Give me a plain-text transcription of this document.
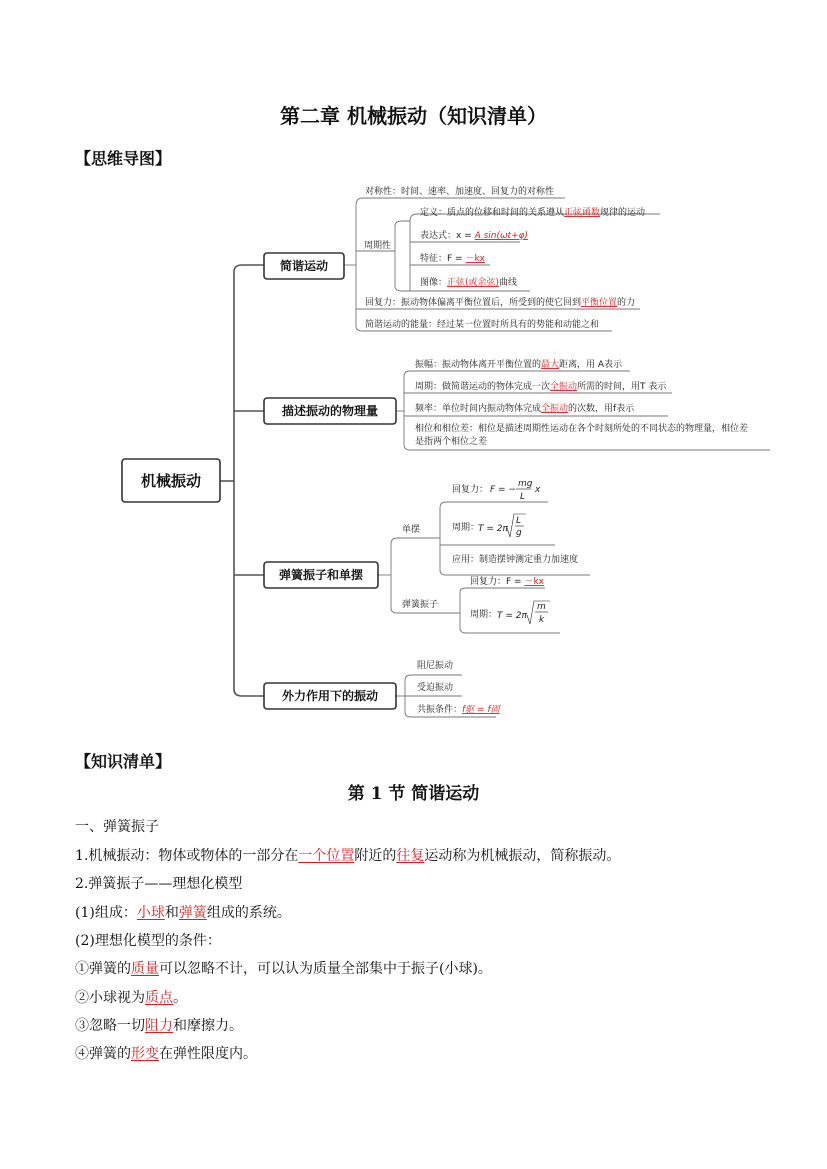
第二章 机械振动（知识清单）
【思维导图】
机械振动
简谐运动
描述振动的物理量
弹簧振子和单摆
外力作用下的振动
对称性：时间、速率、加速度、回复力的对称性
周期性
定义：质点的位移和时间的关系遵从正弦函数规律的运动
表达式：x = A sin(ωt+φ)
特征：F = －kx
图像：正弦(或余弦)曲线
回复力：振动物体偏离平衡位置后，所受到的使它回到平衡位置的力
简谐运动的能量：经过某一位置时所具有的势能和动能之和
振幅：振动物体离开平衡位置的最大距离，用 A表示
周期：做简谐运动的物体完成一次全振动所需的时间，用T 表示
频率：单位时间内振动物体完成全振动的次数，用f表示
相位和相位差：相位是描述周期性运动在各个时刻所处的不同状态的物理量，相位差
是指两个相位之差
单摆
回复力： F = −
mg
L
x
周期：
T = 2π
L
g
应用：制造摆钟测定重力加速度
弹簧振子
回复力：F = －kx
周期： T = 2π
m
k
阻尼振动
受迫振动
共振条件：f驱 = f固
【知识清单】
第 1 节 简谐运动
一、弹簧振子
1.机械振动：物体或物体的一部分在一个位置附近的往复运动称为机械振动，简称振动。
2.弹簧振子——理想化模型
(1)组成：小球和弹簧组成的系统。
(2)理想化模型的条件：
①弹簧的质量可以忽略不计，可以认为质量全部集中于振子(小球)。
②小球视为质点。
③忽略一切阻力和摩擦力。
④弹簧的形变在弹性限度内。
